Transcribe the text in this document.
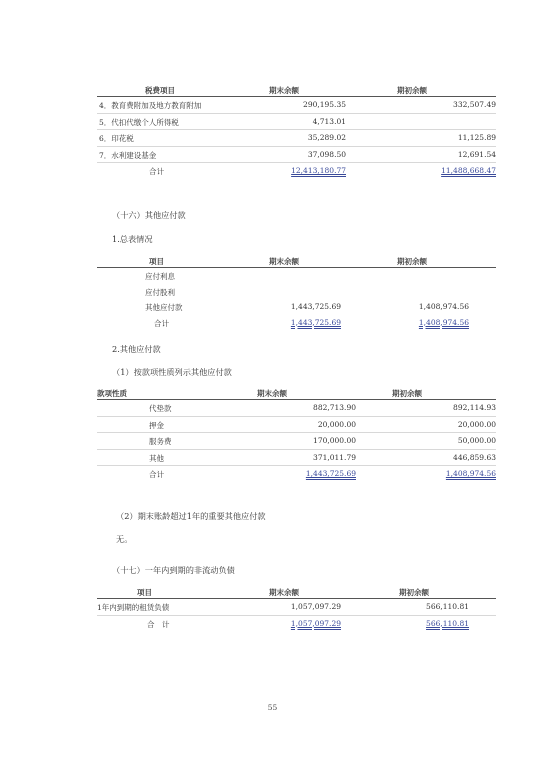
税费项目	期末余额	期初余额
4．教育费附加及地方教育附加	290,195.35	332,507.49
5．代扣代缴个人所得税	4,713.01
6．印花税	35,289.02	11,125.89
7．水利建设基金	37,098.50	12,691.54
合计	12,413,180.77	11,488,668.47
（十六）其他应付款
1.总表情况
项目	期末余额	期初余额
应付利息
应付股利
其他应付款	1,443,725.69	1,408,974.56
合计	1,443,725.69	1,408,974.56
2.其他应付款
（1）按款项性质列示其他应付款
款项性质	期末余额	期初余额
代垫款	882,713.90	892,114.93
押金	20,000.00	20,000.00
服务费	170,000.00	50,000.00
其他	371,011.79	446,859.63
合计	1,443,725.69	1,408,974.56
（2）期末账龄超过1年的重要其他应付款
无。
（十七）一年内到期的非流动负债
项目	期末余额	期初余额
1年内到期的租赁负债	1,057,097.29	566,110.81
合　计	1,057,097.29	566,110.81
55
